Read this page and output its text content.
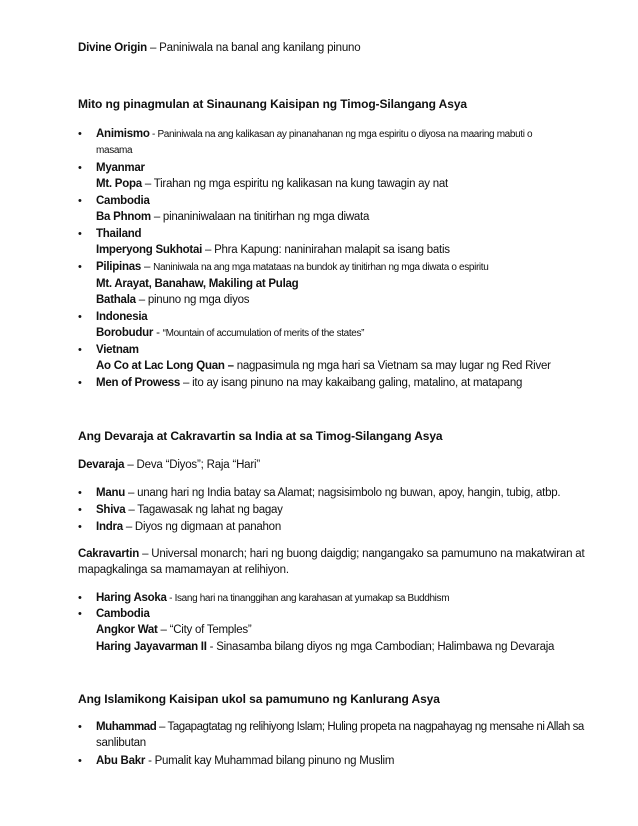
Divine Origin – Paniniwala na banal ang kanilang pinuno
Mito ng pinagmulan at Sinaunang Kaisipan ng Timog-Silangang Asya
• Animismo - Paniniwala na ang kalikasan ay pinanahanan ng mga espiritu o diyosa na maaring mabuti o
masama
• Myanmar
Mt. Popa – Tirahan ng mga espiritu ng kalikasan na kung tawagin ay nat
• Cambodia
Ba Phnom – pinaniniwalaan na tinitirhan ng mga diwata
• Thailand
Imperyong Sukhotai – Phra Kapung: naninirahan malapit sa isang batis
• Pilipinas – Naniniwala na ang mga matataas na bundok ay tinitirhan ng mga diwata o espiritu
Mt. Arayat, Banahaw, Makiling at Pulag
Bathala – pinuno ng mga diyos
• Indonesia
Borobudur - “Mountain of accumulation of merits of the states”
• Vietnam
Ao Co at Lac Long Quan – nagpasimula ng mga hari sa Vietnam sa may lugar ng Red River
• Men of Prowess – ito ay isang pinuno na may kakaibang galing, matalino, at matapang
Ang Devaraja at Cakravartin sa India at sa Timog-Silangang Asya
Devaraja – Deva “Diyos”; Raja “Hari”
• Manu – unang hari ng India batay sa Alamat; nagsisimbolo ng buwan, apoy, hangin, tubig, atbp.
• Shiva – Tagawasak ng lahat ng bagay
• Indra – Diyos ng digmaan at panahon
Cakravartin – Universal monarch; hari ng buong daigdig; nangangako sa pamumuno na makatwiran at
mapagkalinga sa mamamayan at relihiyon.
• Haring Asoka - Isang hari na tinanggihan ang karahasan at yumakap sa Buddhism
• Cambodia
Angkor Wat – “City of Temples”
Haring Jayavarman II - Sinasamba bilang diyos ng mga Cambodian; Halimbawa ng Devaraja
Ang Islamikong Kaisipan ukol sa pamumuno ng Kanlurang Asya
• Muhammad – Tagapagtatag ng relihiyong Islam; Huling propeta na nagpahayag ng mensahe ni Allah sa
sanlibutan
• Abu Bakr - Pumalit kay Muhammad bilang pinuno ng Muslim
